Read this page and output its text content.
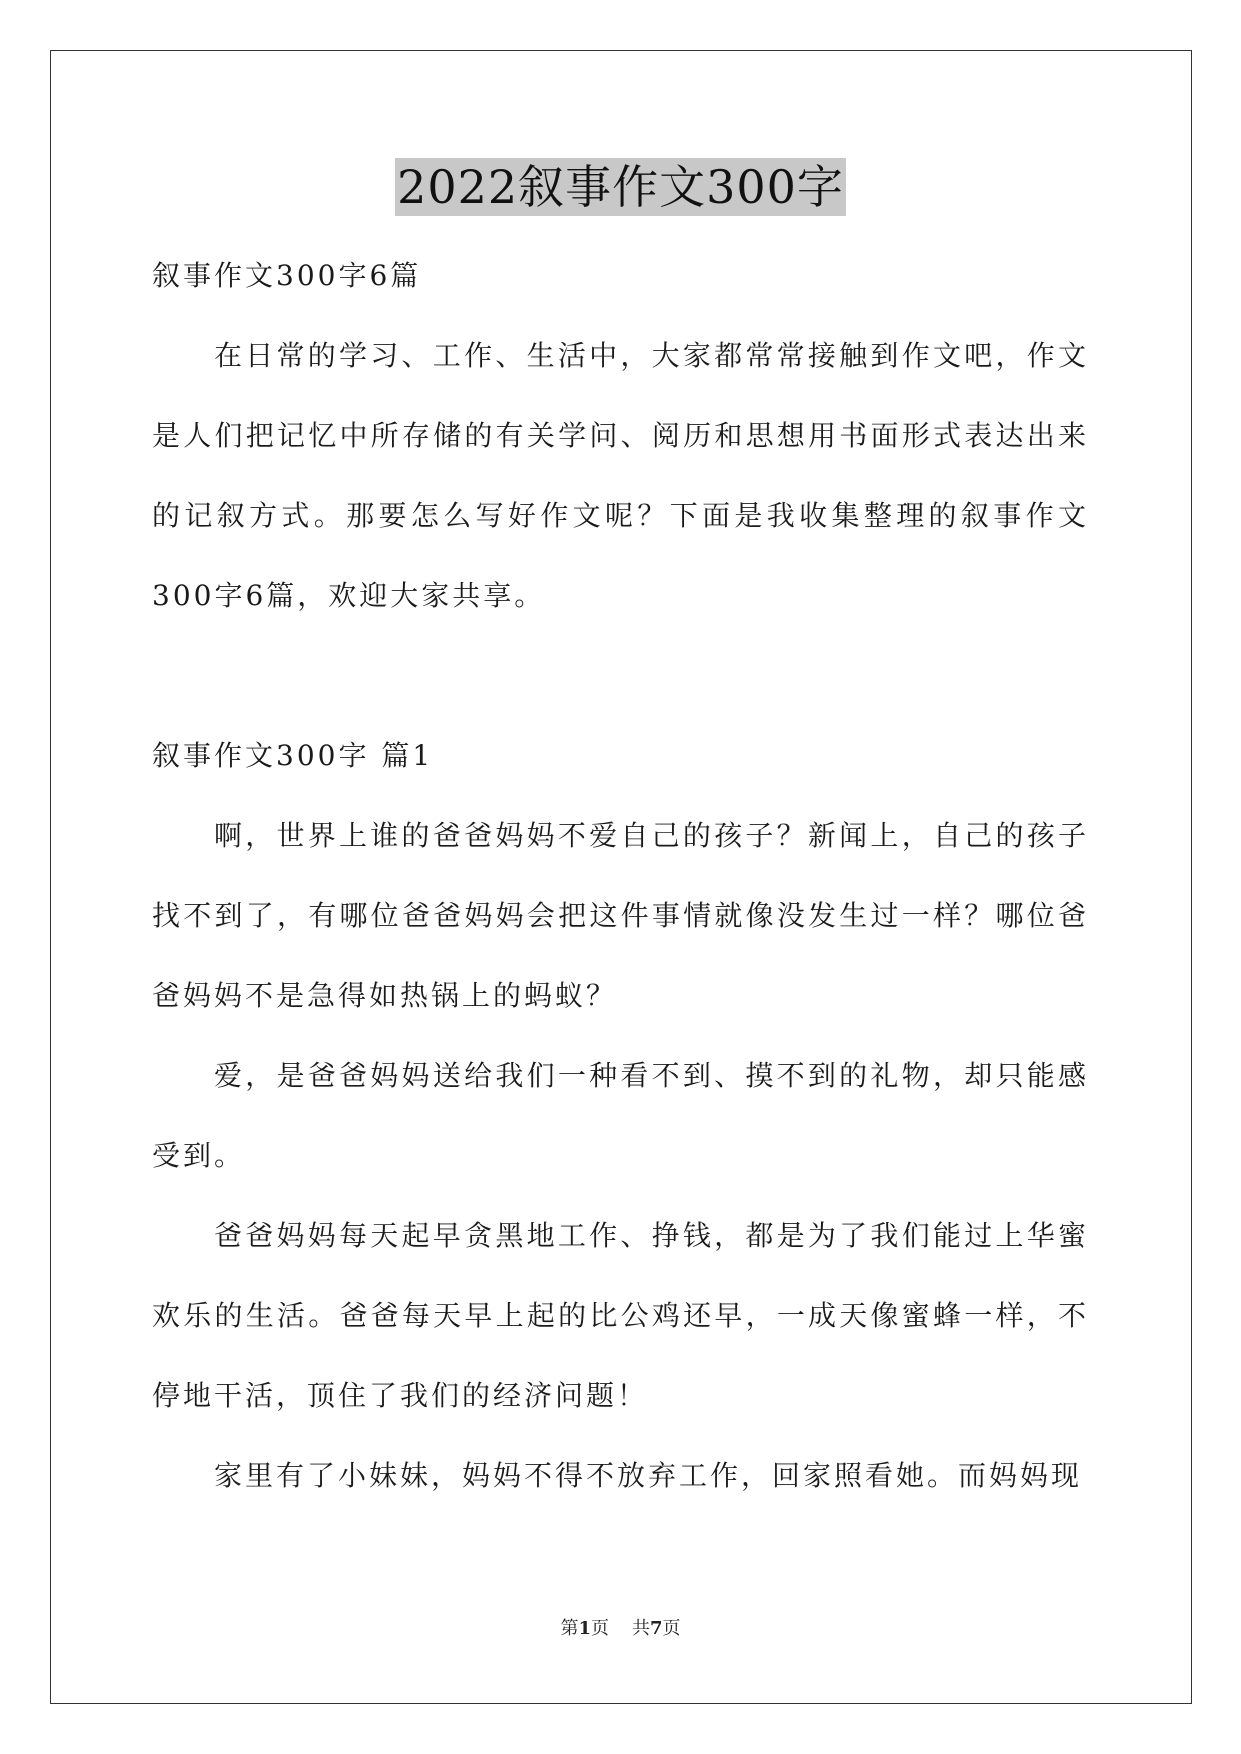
2022叙事作文300字

叙事作文300字6篇

在日常的学习、工作、生活中，大家都常常接触到作文吧，作文是人们把记忆中所存储的有关学问、阅历和思想用书面形式表达出来的记叙方式。那要怎么写好作文呢？下面是我收集整理的叙事作文300字6篇，欢迎大家共享。

叙事作文300字 篇1

啊，世界上谁的爸爸妈妈不爱自己的孩子？新闻上，自己的孩子找不到了，有哪位爸爸妈妈会把这件事情就像没发生过一样？哪位爸爸妈妈不是急得如热锅上的蚂蚁？

爱，是爸爸妈妈送给我们一种看不到、摸不到的礼物，却只能感受到。

爸爸妈妈每天起早贪黑地工作、挣钱，都是为了我们能过上华蜜欢乐的生活。爸爸每天早上起的比公鸡还早，一成天像蜜蜂一样，不停地干活，顶住了我们的经济问题！

家里有了小妹妹，妈妈不得不放弃工作，回家照看她。而妈妈现

第1页 共7页
